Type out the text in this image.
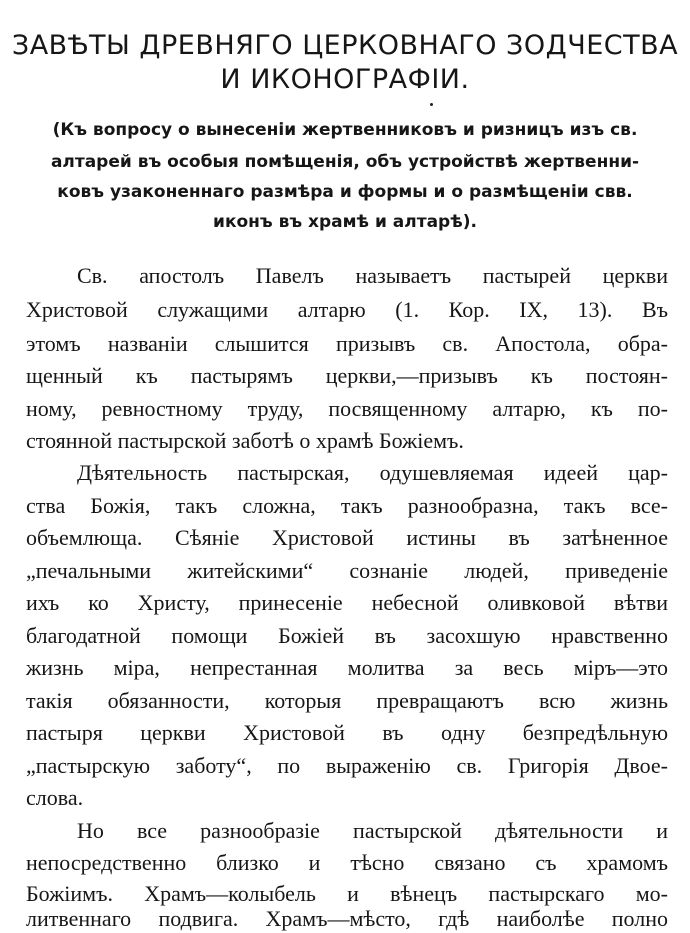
ЗАВѢТЫ ДРЕВНЯГО ЦЕРКОВНАГО ЗОДЧЕСТВА
И ИКОНОГРАФІИ.
(Къ вопросу о вынесеніи жертвенниковъ и ризницъ изъ св.
алтарей въ особыя помѣщенія, объ устройствѣ жертвенни-
ковъ узаконеннаго размѣра и формы и о размѣщеніи свв.
иконъ въ храмѣ и алтарѣ).
Св. апостолъ Павелъ называетъ пастырей церкви
Христовой служащими алтарю (1. Кор. IX, 13). Въ
этомъ названіи слышится призывъ св. Апостола, обра-
щенный къ пастырямъ церкви,—призывъ къ постоян-
ному, ревностному труду, посвященному алтарю, къ по-
стоянной пастырской заботѣ о храмѣ Божіемъ.
Дѣятельность пастырская, одушевляемая идеей цар-
ства Божія, такъ сложна, такъ разнообразна, такъ все-
объемлюща. Сѣяніе Христовой истины въ затѣненное
„печальными житейскими“ сознаніе людей, приведеніе
ихъ ко Христу, принесеніе небесной оливковой вѣтви
благодатной помощи Божіей въ засохшую нравственно
жизнь міра, непрестанная молитва за весь міръ—это
такія обязанности, которыя превращаютъ всю жизнь
пастыря церкви Христовой въ одну безпредѣльную
„пастырскую заботу“, по выраженію св. Григорія Двое-
слова.
Но все разнообразіе пастырской дѣятельности и
непосредственно близко и тѣсно связано съ храмомъ
Божіимъ. Храмъ—колыбель и вѣнецъ пастырскаго мо-
литвеннаго подвига. Храмъ—мѣсто, гдѣ наиболѣе полно
